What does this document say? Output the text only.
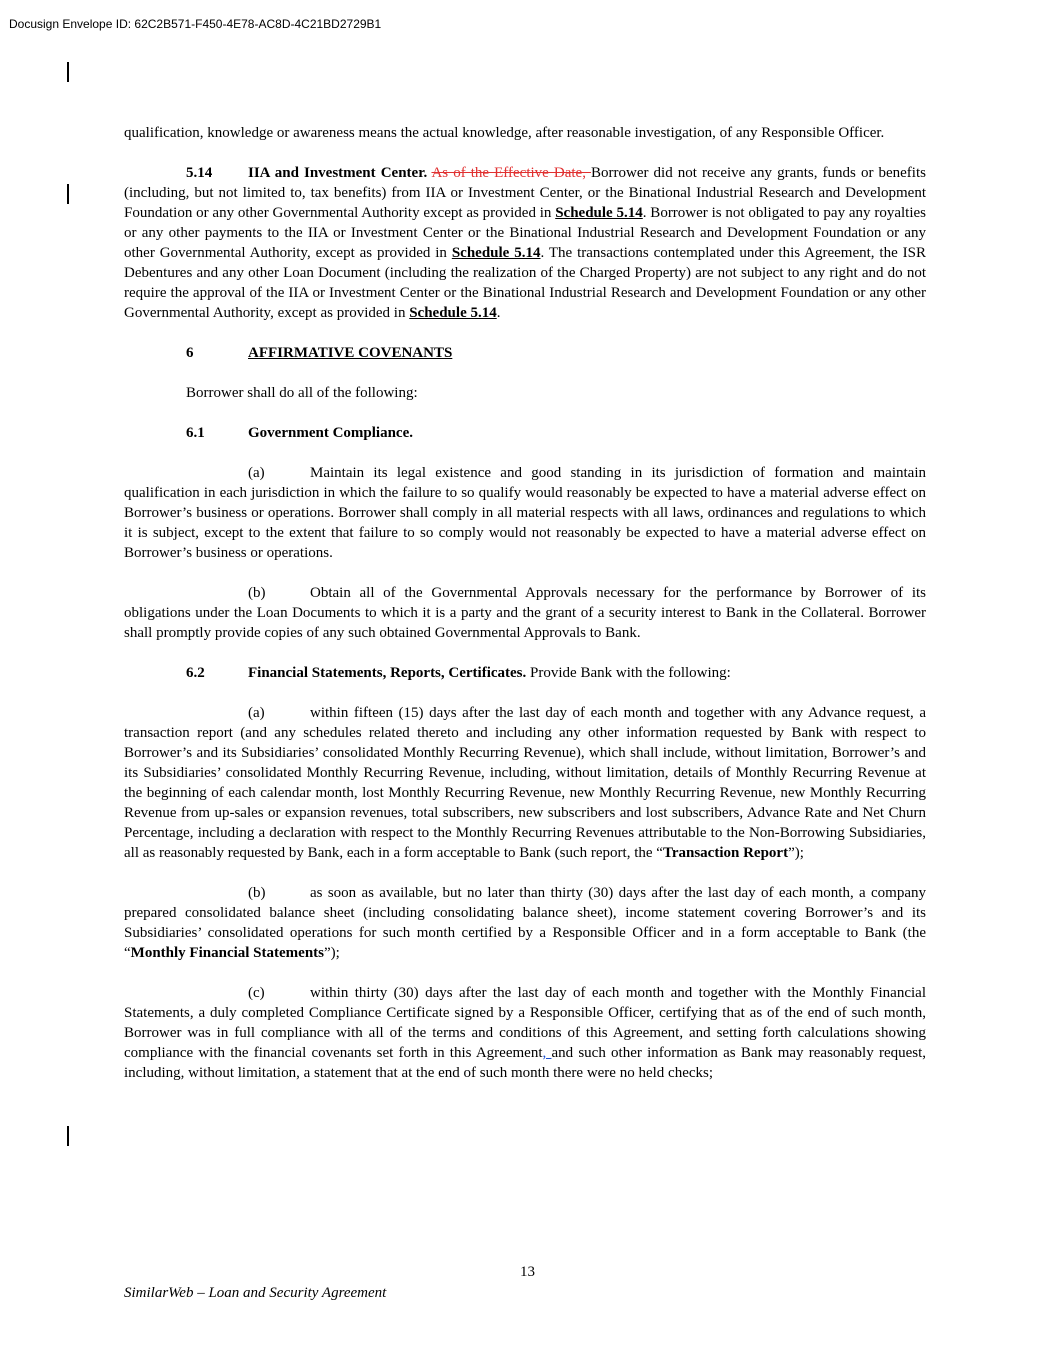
Docusign Envelope ID: 62C2B571-F450-4E78-AC8D-4C21BD2729B1

qualification, knowledge or awareness means the actual knowledge, after reasonable investigation, of any Responsible Officer.

5.14 IIA and Investment Center. As of the Effective Date, Borrower did not receive any grants, funds or benefits (including, but not limited to, tax benefits) from IIA or Investment Center, or the Binational Industrial Research and Development Foundation or any other Governmental Authority except as provided in Schedule 5.14. Borrower is not obligated to pay any royalties or any other payments to the IIA or Investment Center or the Binational Industrial Research and Development Foundation or any other Governmental Authority, except as provided in Schedule 5.14. The transactions contemplated under this Agreement, the ISR Debentures and any other Loan Document (including the realization of the Charged Property) are not subject to any right and do not require the approval of the IIA or Investment Center or the Binational Industrial Research and Development Foundation or any other Governmental Authority, except as provided in Schedule 5.14.

6	AFFIRMATIVE COVENANTS

Borrower shall do all of the following:

6.1	Government Compliance.

(a)	Maintain its legal existence and good standing in its jurisdiction of formation and maintain qualification in each jurisdiction in which the failure to so qualify would reasonably be expected to have a material adverse effect on Borrower’s business or operations. Borrower shall comply in all material respects with all laws, ordinances and regulations to which it is subject, except to the extent that failure to so comply would not reasonably be expected to have a material adverse effect on Borrower’s business or operations.

(b)	Obtain all of the Governmental Approvals necessary for the performance by Borrower of its obligations under the Loan Documents to which it is a party and the grant of a security interest to Bank in the Collateral. Borrower shall promptly provide copies of any such obtained Governmental Approvals to Bank.

6.2	Financial Statements, Reports, Certificates. Provide Bank with the following:

(a)	within fifteen (15) days after the last day of each month and together with any Advance request, a transaction report (and any schedules related thereto and including any other information requested by Bank with respect to Borrower’s and its Subsidiaries’ consolidated Monthly Recurring Revenue), which shall include, without limitation, Borrower’s and its Subsidiaries’ consolidated Monthly Recurring Revenue, including, without limitation, details of Monthly Recurring Revenue at the beginning of each calendar month, lost Monthly Recurring Revenue, new Monthly Recurring Revenue, new Monthly Recurring Revenue from up-sales or expansion revenues, total subscribers, new subscribers and lost subscribers, Advance Rate and Net Churn Percentage, including a declaration with respect to the Monthly Recurring Revenues attributable to the Non-Borrowing Subsidiaries, all as reasonably requested by Bank, each in a form acceptable to Bank (such report, the “Transaction Report”);

(b)	as soon as available, but no later than thirty (30) days after the last day of each month, a company prepared consolidated balance sheet (including consolidating balance sheet), income statement covering Borrower’s and its Subsidiaries’ consolidated operations for such month certified by a Responsible Officer and in a form acceptable to Bank (the “Monthly Financial Statements”);

(c)	within thirty (30) days after the last day of each month and together with the Monthly Financial Statements, a duly completed Compliance Certificate signed by a Responsible Officer, certifying that as of the end of such month, Borrower was in full compliance with all of the terms and conditions of this Agreement, and setting forth calculations showing compliance with the financial covenants set forth in this Agreement, and such other information as Bank may reasonably request, including, without limitation, a statement that at the end of such month there were no held checks;

13
SimilarWeb – Loan and Security Agreement
